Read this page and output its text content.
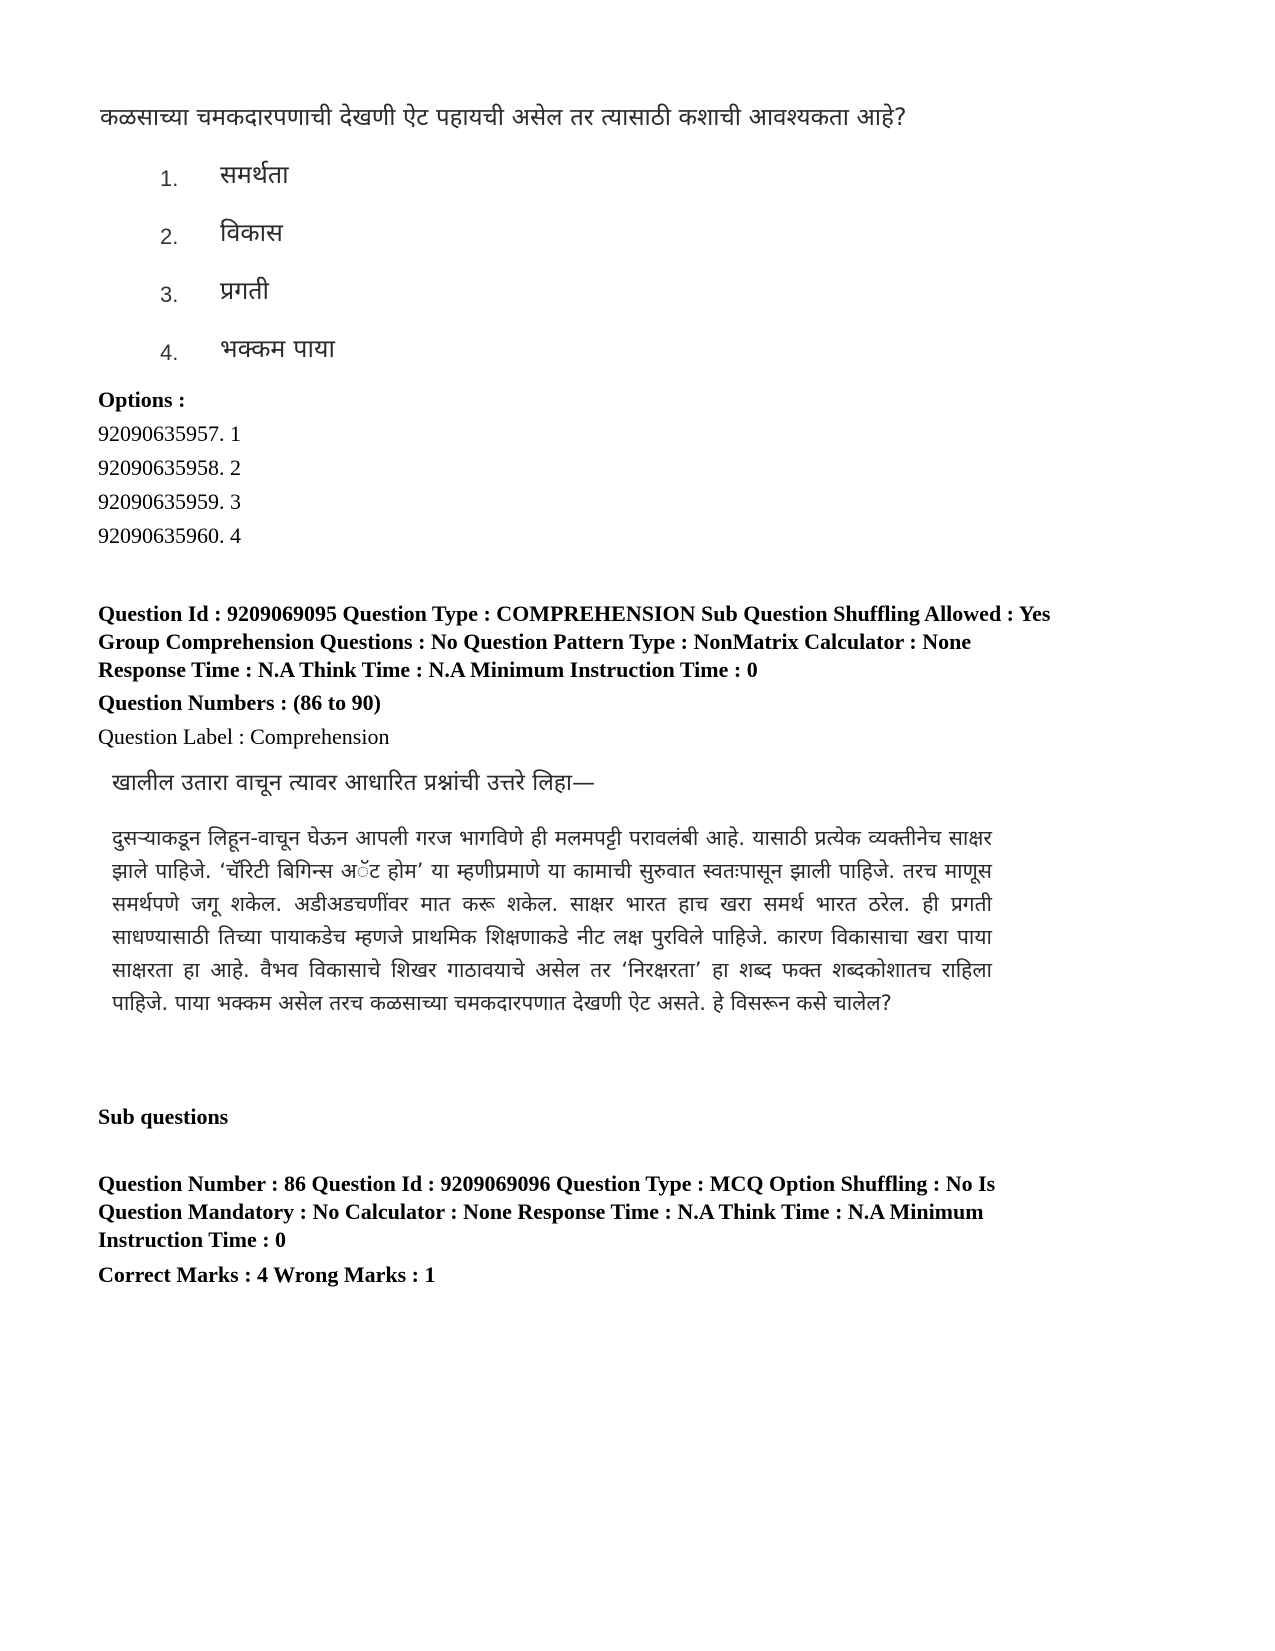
कळसाच्या चमकदारपणाची देखणी ऐट पहायची असेल तर त्यासाठी कशाची आवश्यकता आहे?
1.	समर्थता
2.	विकास
3.	प्रगती
4.	भक्कम पाया
Options :
92090635957. 1
92090635958. 2
92090635959. 3
92090635960. 4
Question Id : 9209069095 Question Type : COMPREHENSION Sub Question Shuffling Allowed : Yes
Group Comprehension Questions : No Question Pattern Type : NonMatrix Calculator : None
Response Time : N.A Think Time : N.A Minimum Instruction Time : 0
Question Numbers : (86 to 90)
Question Label : Comprehension
खालील उतारा वाचून त्यावर आधारित प्रश्नांची उत्तरे लिहा—
दुसऱ्याकडून लिहून-वाचून घेऊन आपली गरज भागविणे ही मलमपट्टी परावलंबी आहे. यासाठी प्रत्येक व्यक्तीनेच साक्षर झाले पाहिजे. ‘चॅरिटी बिगिन्स अॅट होम’ या म्हणीप्रमाणे या कामाची सुरुवात स्वतःपासून झाली पाहिजे. तरच माणूस समर्थपणे जगू शकेल. अडीअडचणींवर मात करू शकेल. साक्षर भारत हाच खरा समर्थ भारत ठरेल. ही प्रगती साधण्यासाठी तिच्या पायाकडेच म्हणजे प्राथमिक शिक्षणाकडे नीट लक्ष पुरविले पाहिजे. कारण विकासाचा खरा पाया साक्षरता हा आहे. वैभव विकासाचे शिखर गाठावयाचे असेल तर ‘निरक्षरता’ हा शब्द फक्त शब्दकोशातच राहिला पाहिजे. पाया भक्कम असेल तरच कळसाच्या चमकदारपणात देखणी ऐट असते. हे विसरून कसे चालेल?
Sub questions
Question Number : 86 Question Id : 9209069096 Question Type : MCQ Option Shuffling : No Is
Question Mandatory : No Calculator : None Response Time : N.A Think Time : N.A Minimum
Instruction Time : 0
Correct Marks : 4 Wrong Marks : 1
